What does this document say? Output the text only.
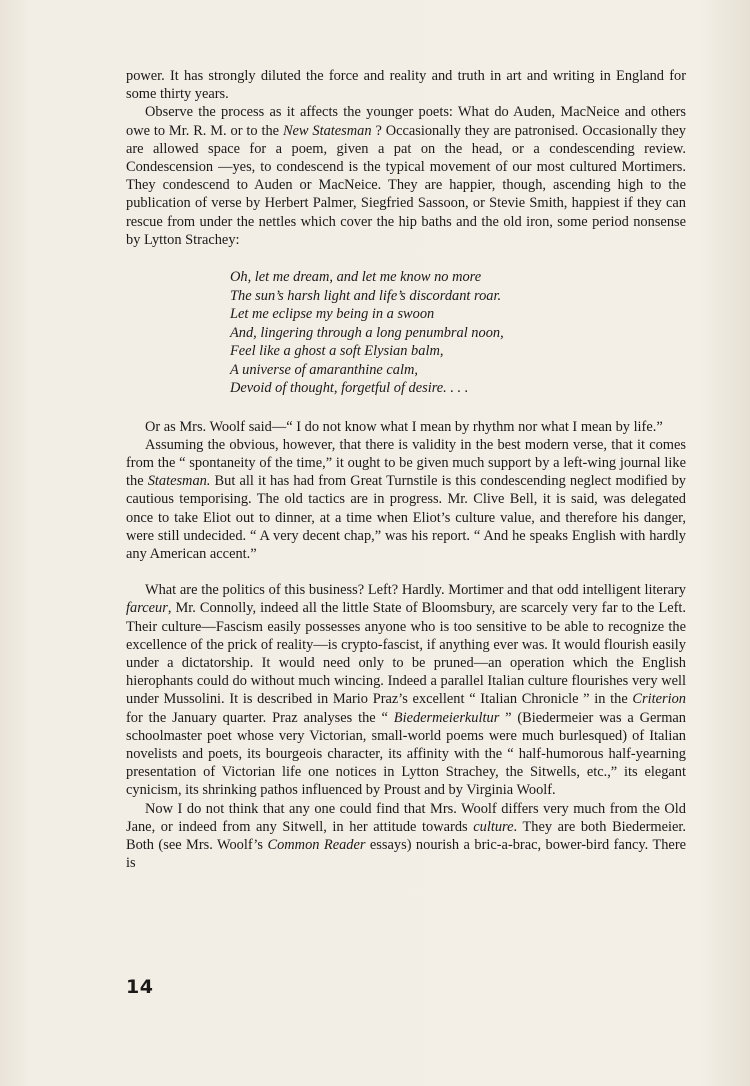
power. It has strongly diluted the force and reality and truth in art and writing in England for some thirty years.

Observe the process as it affects the younger poets: What do Auden, MacNeice and others owe to Mr. R. M. or to the New Statesman ? Occasionally they are patronised. Occasionally they are allowed space for a poem, given a pat on the head, or a condescending review. Condescension —yes, to condescend is the typical movement of our most cultured Mortimers. They condescend to Auden or MacNeice. They are happier, though, ascending high to the publication of verse by Herbert Palmer, Siegfried Sassoon, or Stevie Smith, happiest if they can rescue from under the nettles which cover the hip baths and the old iron, some period nonsense by Lytton Strachey:

Oh, let me dream, and let me know no more
The sun’s harsh light and life’s discordant roar.
Let me eclipse my being in a swoon
And, lingering through a long penumbral noon,
Feel like a ghost a soft Elysian balm,
A universe of amaranthine calm,
Devoid of thought, forgetful of desire. . . .

Or as Mrs. Woolf said—“ I do not know what I mean by rhythm nor what I mean by life.”

Assuming the obvious, however, that there is validity in the best modern verse, that it comes from the “ spontaneity of the time,” it ought to be given much support by a left-wing journal like the Statesman. But all it has had from Great Turnstile is this condescending neglect modified by cautious temporising. The old tactics are in progress. Mr. Clive Bell, it is said, was delegated once to take Eliot out to dinner, at a time when Eliot’s culture value, and therefore his danger, were still undecided. “ A very decent chap,” was his report. “ And he speaks English with hardly any American accent.”

What are the politics of this business? Left? Hardly. Mortimer and that odd intelligent literary farceur, Mr. Connolly, indeed all the little State of Bloomsbury, are scarcely very far to the Left. Their culture—Fascism easily possesses anyone who is too sensitive to be able to recognize the excellence of the prick of reality—is crypto-fascist, if anything ever was. It would flourish easily under a dictatorship. It would need only to be pruned—an operation which the English hierophants could do without much wincing. Indeed a parallel Italian culture flourishes very well under Mussolini. It is described in Mario Praz’s excellent “ Italian Chronicle ” in the Criterion for the January quarter. Praz analyses the “ Biedermeierkultur ” (Biedermeier was a German schoolmaster poet whose very Victorian, small-world poems were much burlesqued) of Italian novelists and poets, its bourgeois character, its affinity with the “ half-humorous half-yearning presentation of Victorian life one notices in Lytton Strachey, the Sitwells, etc.,” its elegant cynicism, its shrinking pathos influenced by Proust and by Virginia Woolf.

Now I do not think that any one could find that Mrs. Woolf differs very much from the Old Jane, or indeed from any Sitwell, in her attitude towards culture. They are both Biedermeier. Both (see Mrs. Woolf’s Common Reader essays) nourish a bric-a-brac, bower-bird fancy. There is

14
